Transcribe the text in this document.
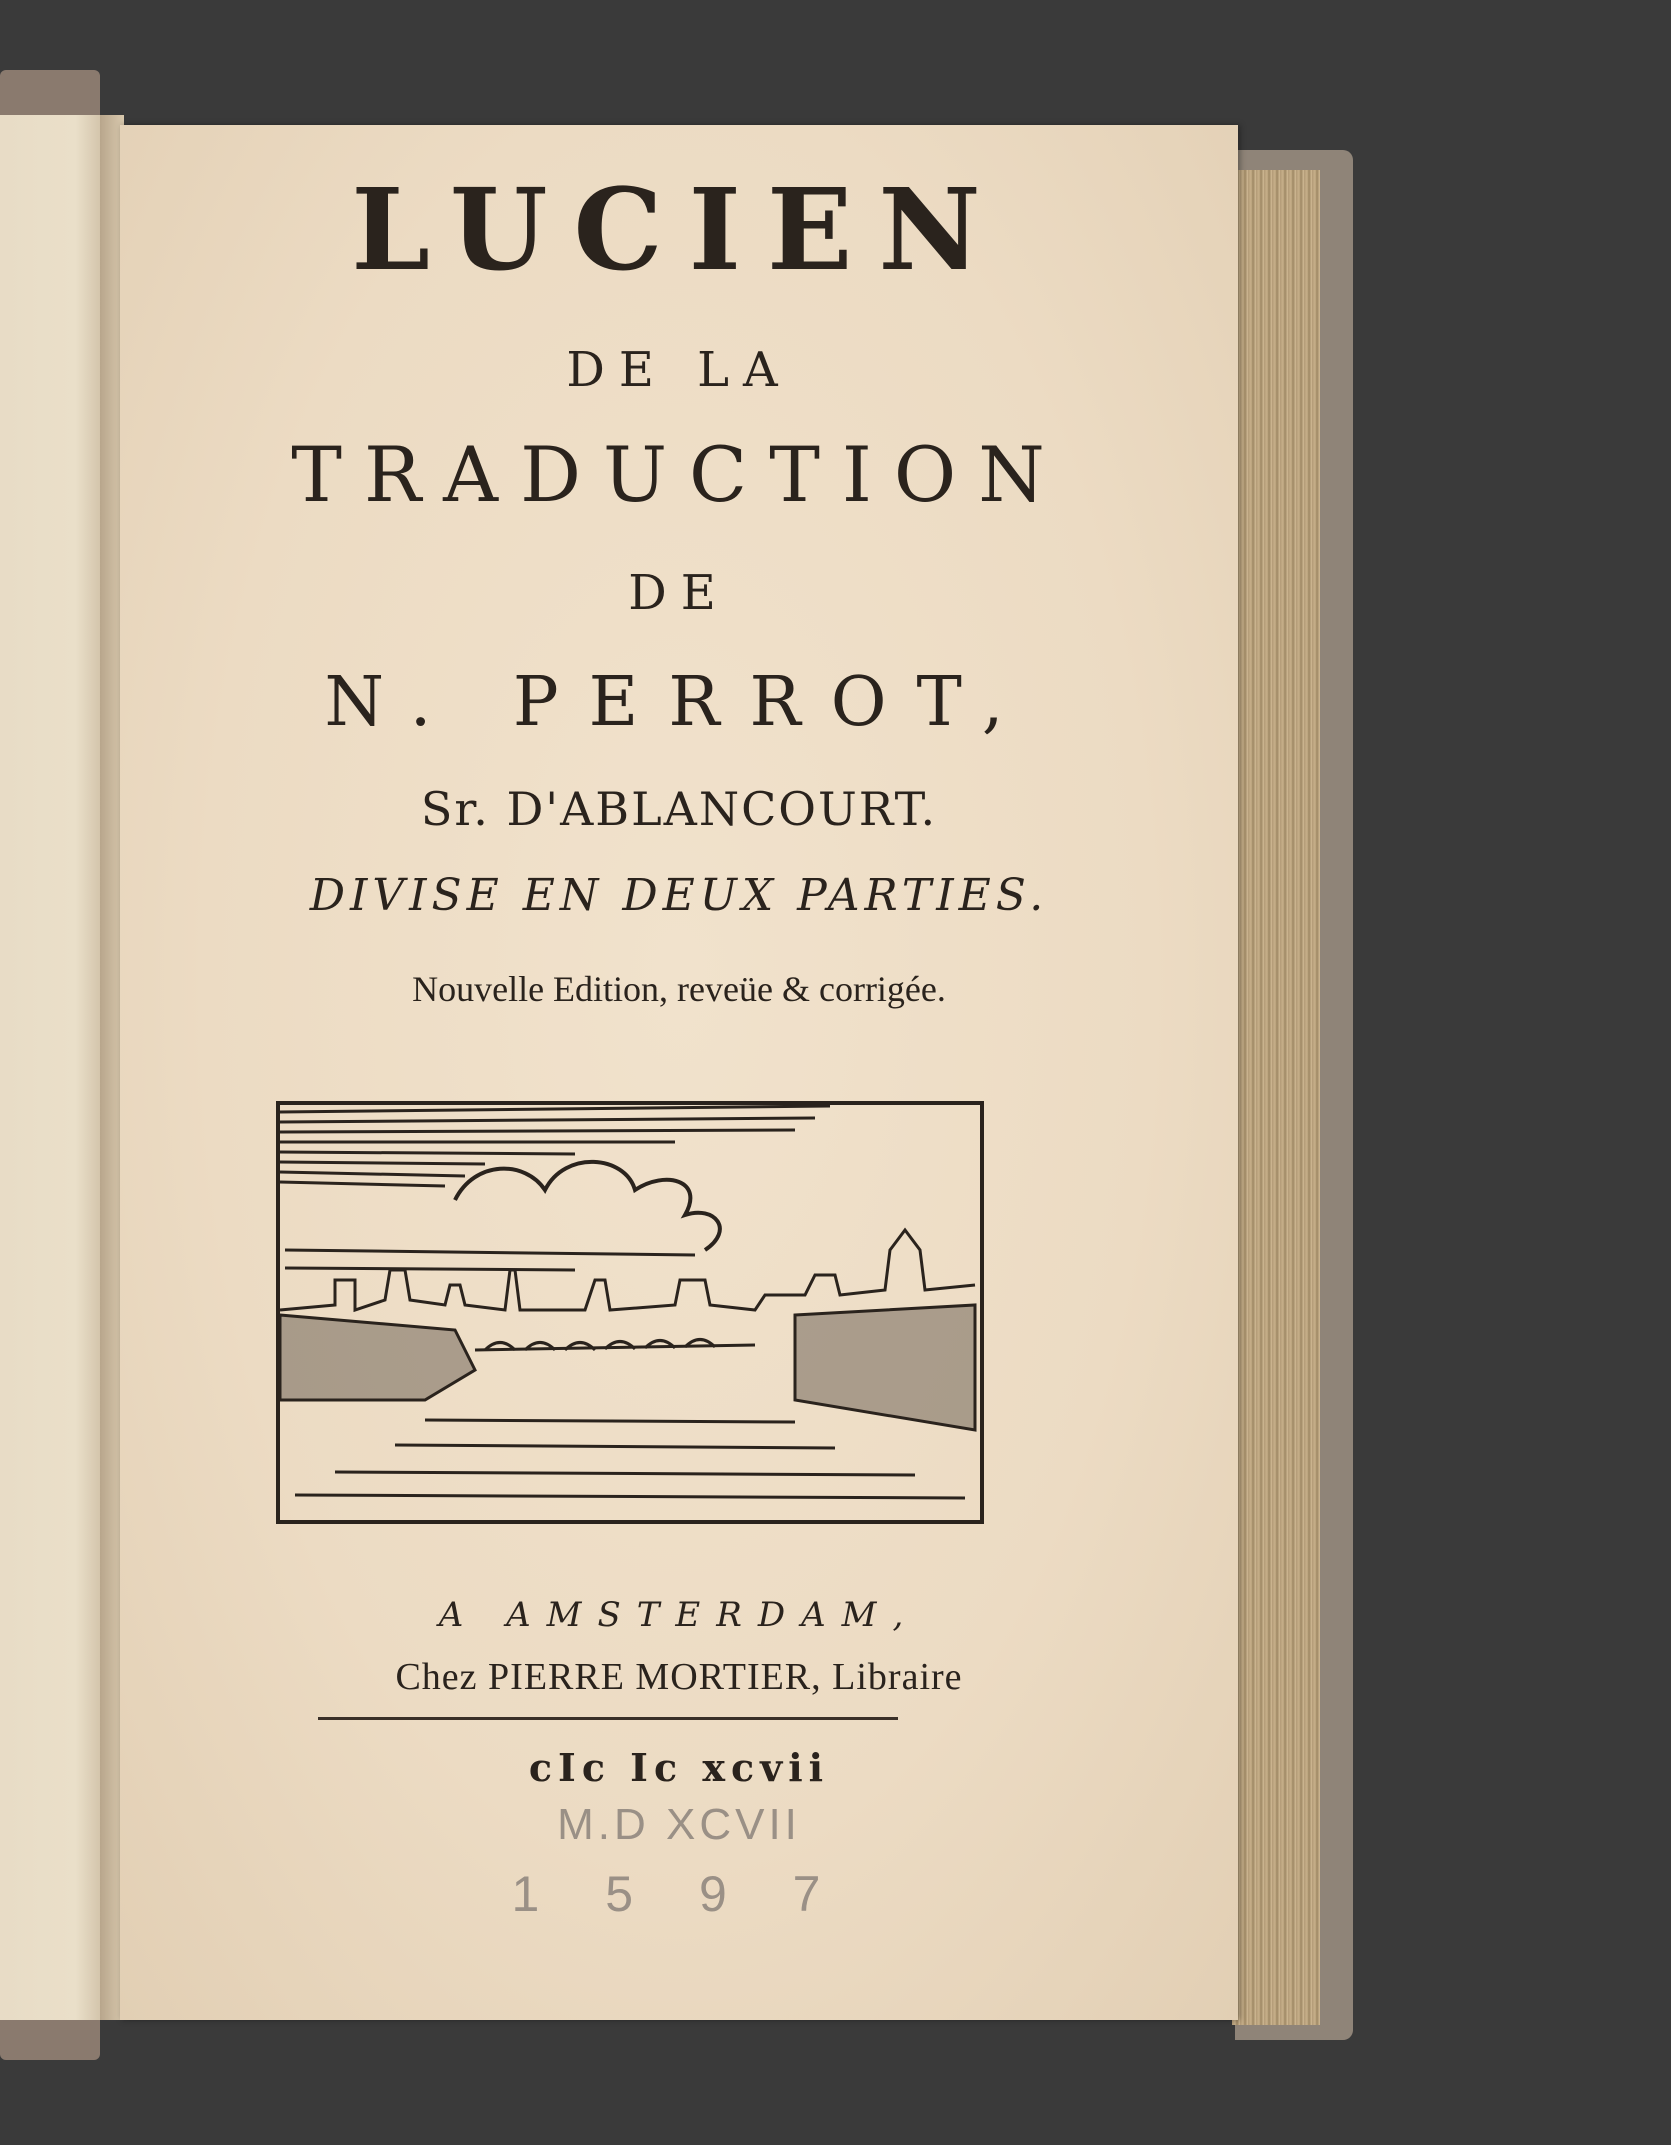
LUCIEN
DE LA
TRADUCTION
DE
N. PERROT,
Sr. D'ABLANCOURT.
DIVISE EN DEUX PARTIES.
Nouvelle Edition, reveüe & corrigée.
A AMSTERDAM,
Chez PIERRE MORTIER, Libraire
cIc Ic xcvii
M.D XCVII
1 5 9 7
